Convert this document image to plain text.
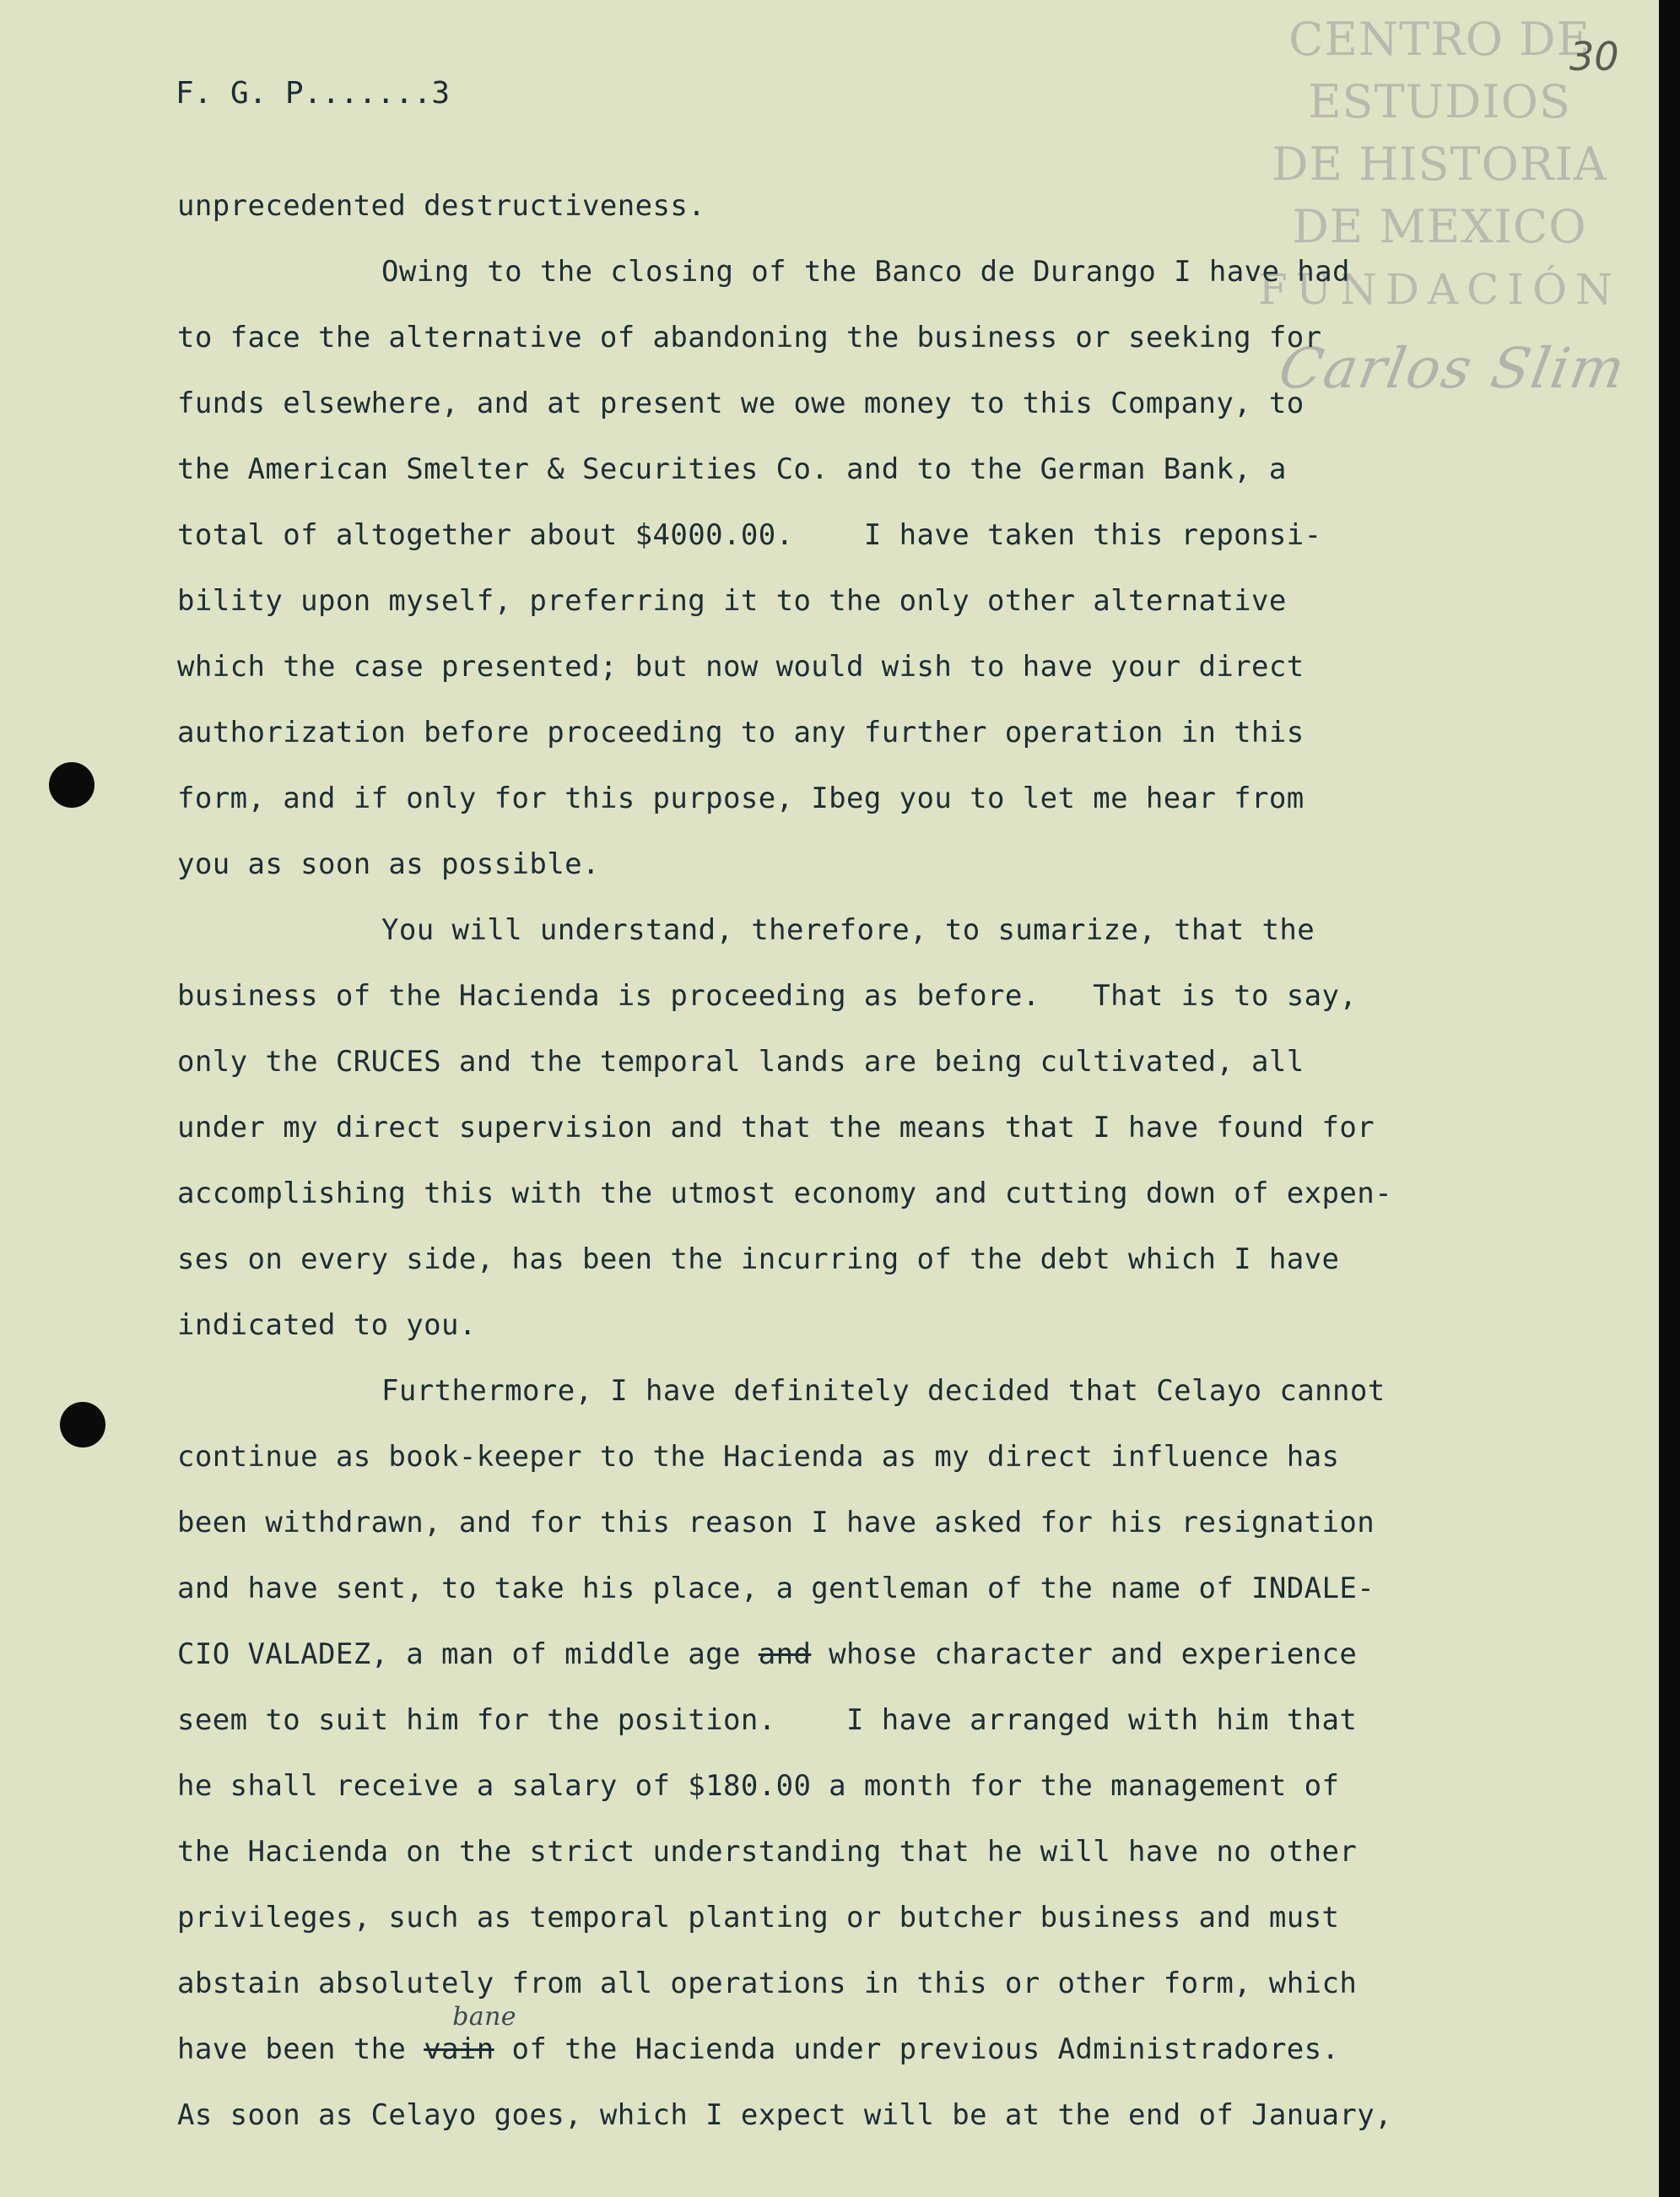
CENTRO DE
ESTUDIOS
DE HISTORIA
DE MEXICO
FUNDACIÓN
Carlos Slim
30
F. G. P.......3
unprecedented destructiveness.
Owing to the closing of the Banco de Durango I have had
to face the alternative of abandoning the business or seeking for
funds elsewhere, and at present we owe money to this Company, to
the American Smelter & Securities Co. and to the German Bank, a
total of altogether about $4000.00.    I have taken this reponsi-
bility upon myself, preferring it to the only other alternative
which the case presented; but now would wish to have your direct
authorization before proceeding to any further operation in this
form, and if only for this purpose, Ibeg you to let me hear from
you as soon as possible.
You will understand, therefore, to sumarize, that the
business of the Hacienda is proceeding as before.   That is to say,
only the CRUCES and the temporal lands are being cultivated, all
under my direct supervision and that the means that I have found for
accomplishing this with the utmost economy and cutting down of expen-
ses on every side, has been the incurring of the debt which I have
indicated to you.
Furthermore, I have definitely decided that Celayo cannot
continue as book-keeper to the Hacienda as my direct influence has
been withdrawn, and for this reason I have asked for his resignation
and have sent, to take his place, a gentleman of the name of INDALE-
CIO VALADEZ, a man of middle age and whose character and experience
seem to suit him for the position.    I have arranged with him that
he shall receive a salary of $180.00 a month for the management of
the Hacienda on the strict understanding that he will have no other
privileges, such as temporal planting or butcher business and must
abstain absolutely from all operations in this or other form, which
have been the
bane
vain of the Hacienda under previous Administradores.
As soon as Celayo goes, which I expect will be at the end of January,
